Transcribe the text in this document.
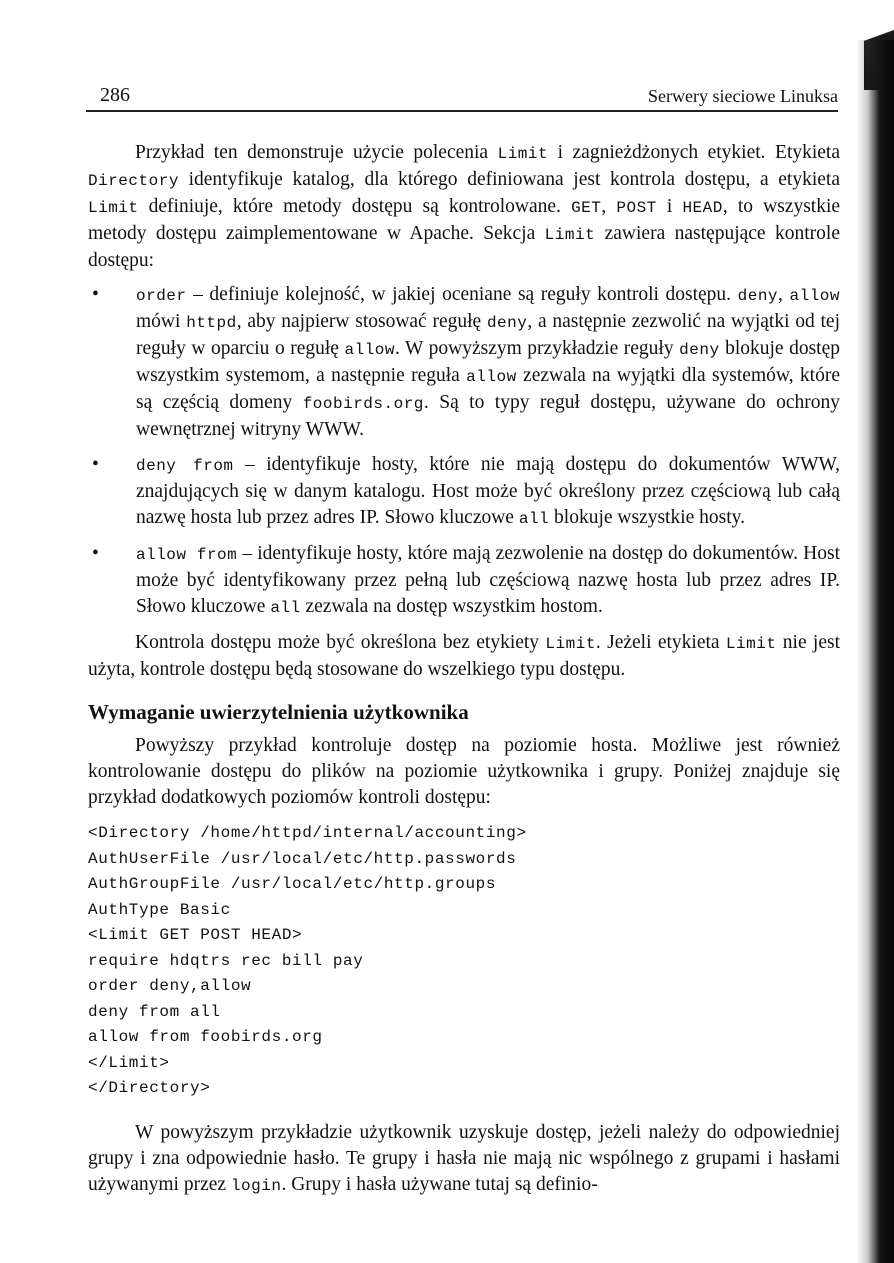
286	Serwery sieciowe Linuksa

Przykład ten demonstruje użycie polecenia Limit i zagnieżdżonych etykiet. Etykieta Directory identyfikuje katalog, dla którego definiowana jest kontrola dostępu, a etykieta Limit definiuje, które metody dostępu są kontrolowane. GET, POST i HEAD, to wszystkie metody dostępu zaimplementowane w Apache. Sekcja Limit zawiera następujące kontrole dostępu:

• order – definiuje kolejność, w jakiej oceniane są reguły kontroli dostępu. deny, allow mówi httpd, aby najpierw stosować regułę deny, a następnie zezwolić na wyjątki od tej reguły w oparciu o regułę allow. W powyższym przykładzie reguły deny blokuje dostęp wszystkim systemom, a następnie reguła allow zezwala na wyjątki dla systemów, które są częścią domeny foobirds.org. Są to typy reguł dostępu, używane do ochrony wewnętrznej witryny WWW.
• deny from – identyfikuje hosty, które nie mają dostępu do dokumentów WWW, znajdujących się w danym katalogu. Host może być określony przez częściową lub całą nazwę hosta lub przez adres IP. Słowo kluczowe all blokuje wszystkie hosty.
• allow from – identyfikuje hosty, które mają zezwolenie na dostęp do dokumentów. Host może być identyfikowany przez pełną lub częściową nazwę hosta lub przez adres IP. Słowo kluczowe all zezwala na dostęp wszystkim hostom.

Kontrola dostępu może być określona bez etykiety Limit. Jeżeli etykieta Limit nie jest użyta, kontrole dostępu będą stosowane do wszelkiego typu dostępu.

Wymaganie uwierzytelnienia użytkownika

Powyższy przykład kontroluje dostęp na poziomie hosta. Możliwe jest również kontrolowanie dostępu do plików na poziomie użytkownika i grupy. Poniżej znajduje się przykład dodatkowych poziomów kontroli dostępu:

<Directory /home/httpd/internal/accounting>
AuthUserFile /usr/local/etc/http.passwords
AuthGroupFile /usr/local/etc/http.groups
AuthType Basic
<Limit GET POST HEAD>
require hdqtrs rec bill pay
order deny,allow
deny from all
allow from foobirds.org
</Limit>
</Directory>

W powyższym przykładzie użytkownik uzyskuje dostęp, jeżeli należy do odpowiedniej grupy i zna odpowiednie hasło. Te grupy i hasła nie mają nic wspólnego z grupami i hasłami używanymi przez login. Grupy i hasła używane tutaj są definio-
